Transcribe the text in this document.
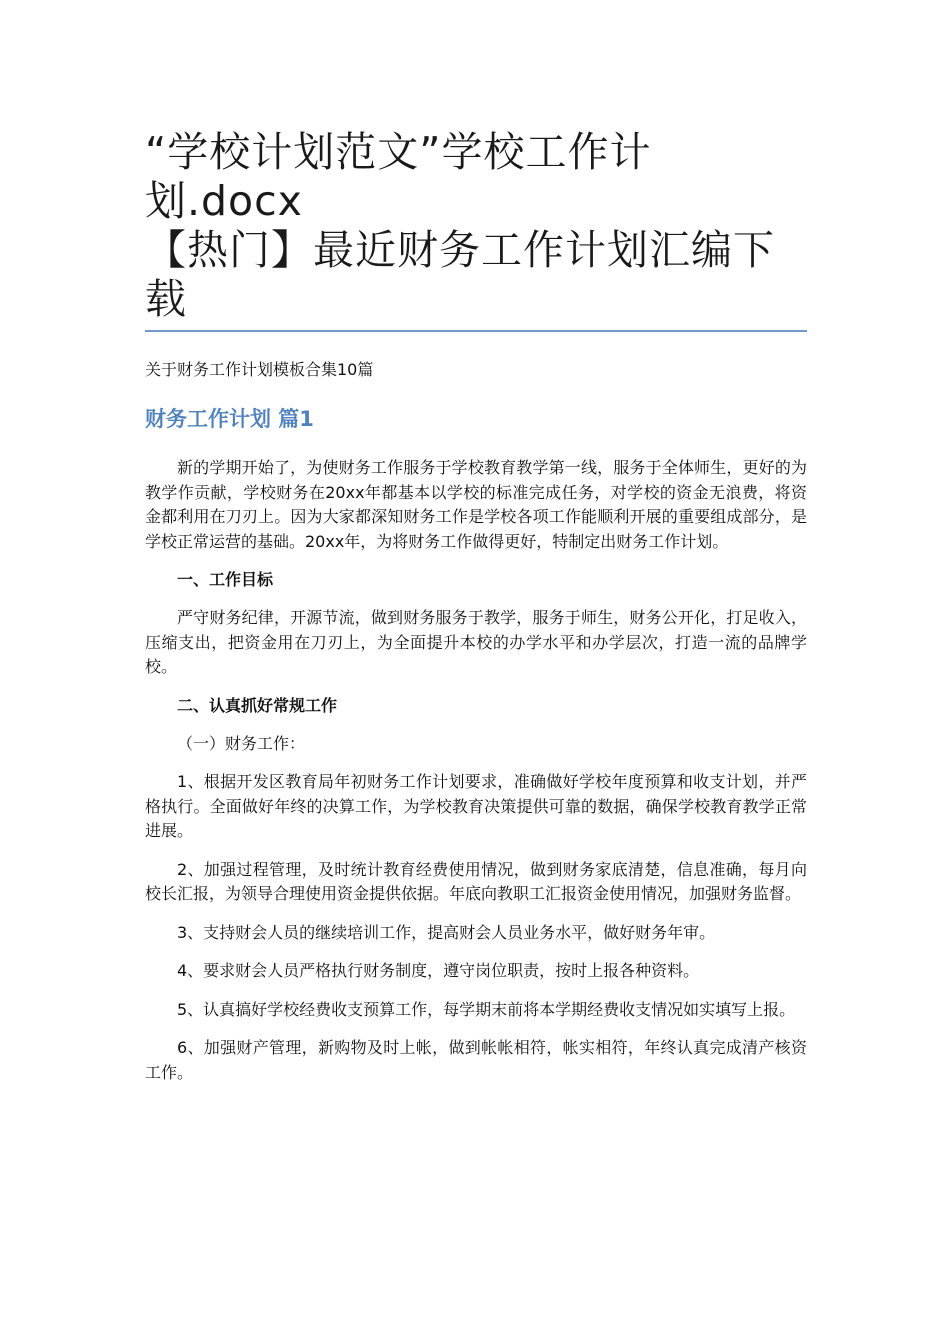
“学校计划范文”学校工作计
划.docx
【热门】最近财务工作计划汇编下
载
关于财务工作计划模板合集10篇
财务工作计划 篇1

新的学期开始了，为使财务工作服务于学校教育教学第一线，服务于全体师生，更好的为教学作贡献，学校财务在20xx年都基本以学校的标准完成任务，对学校的资金无浪费，将资金都利用在刀刃上。因为大家都深知财务工作是学校各项工作能顺利开展的重要组成部分，是学校正常运营的基础。20xx年，为将财务工作做得更好，特制定出财务工作计划。

一、工作目标

严守财务纪律，开源节流，做到财务服务于教学，服务于师生，财务公开化，打足收入，压缩支出，把资金用在刀刃上，为全面提升本校的办学水平和办学层次，打造一流的品牌学校。

二、认真抓好常规工作

（一）财务工作：

1、根据开发区教育局年初财务工作计划要求，准确做好学校年度预算和收支计划，并严格执行。全面做好年终的决算工作，为学校教育决策提供可靠的数据，确保学校教育教学正常进展。

2、加强过程管理，及时统计教育经费使用情况，做到财务家底清楚，信息准确，每月向校长汇报，为领导合理使用资金提供依据。年底向教职工汇报资金使用情况，加强财务监督。

3、支持财会人员的继续培训工作，提高财会人员业务水平，做好财务年审。

4、要求财会人员严格执行财务制度，遵守岗位职责，按时上报各种资料。

5、认真搞好学校经费收支预算工作，每学期末前将本学期经费收支情况如实填写上报。

6、加强财产管理，新购物及时上帐，做到帐帐相符，帐实相符，年终认真完成清产核资工作。
